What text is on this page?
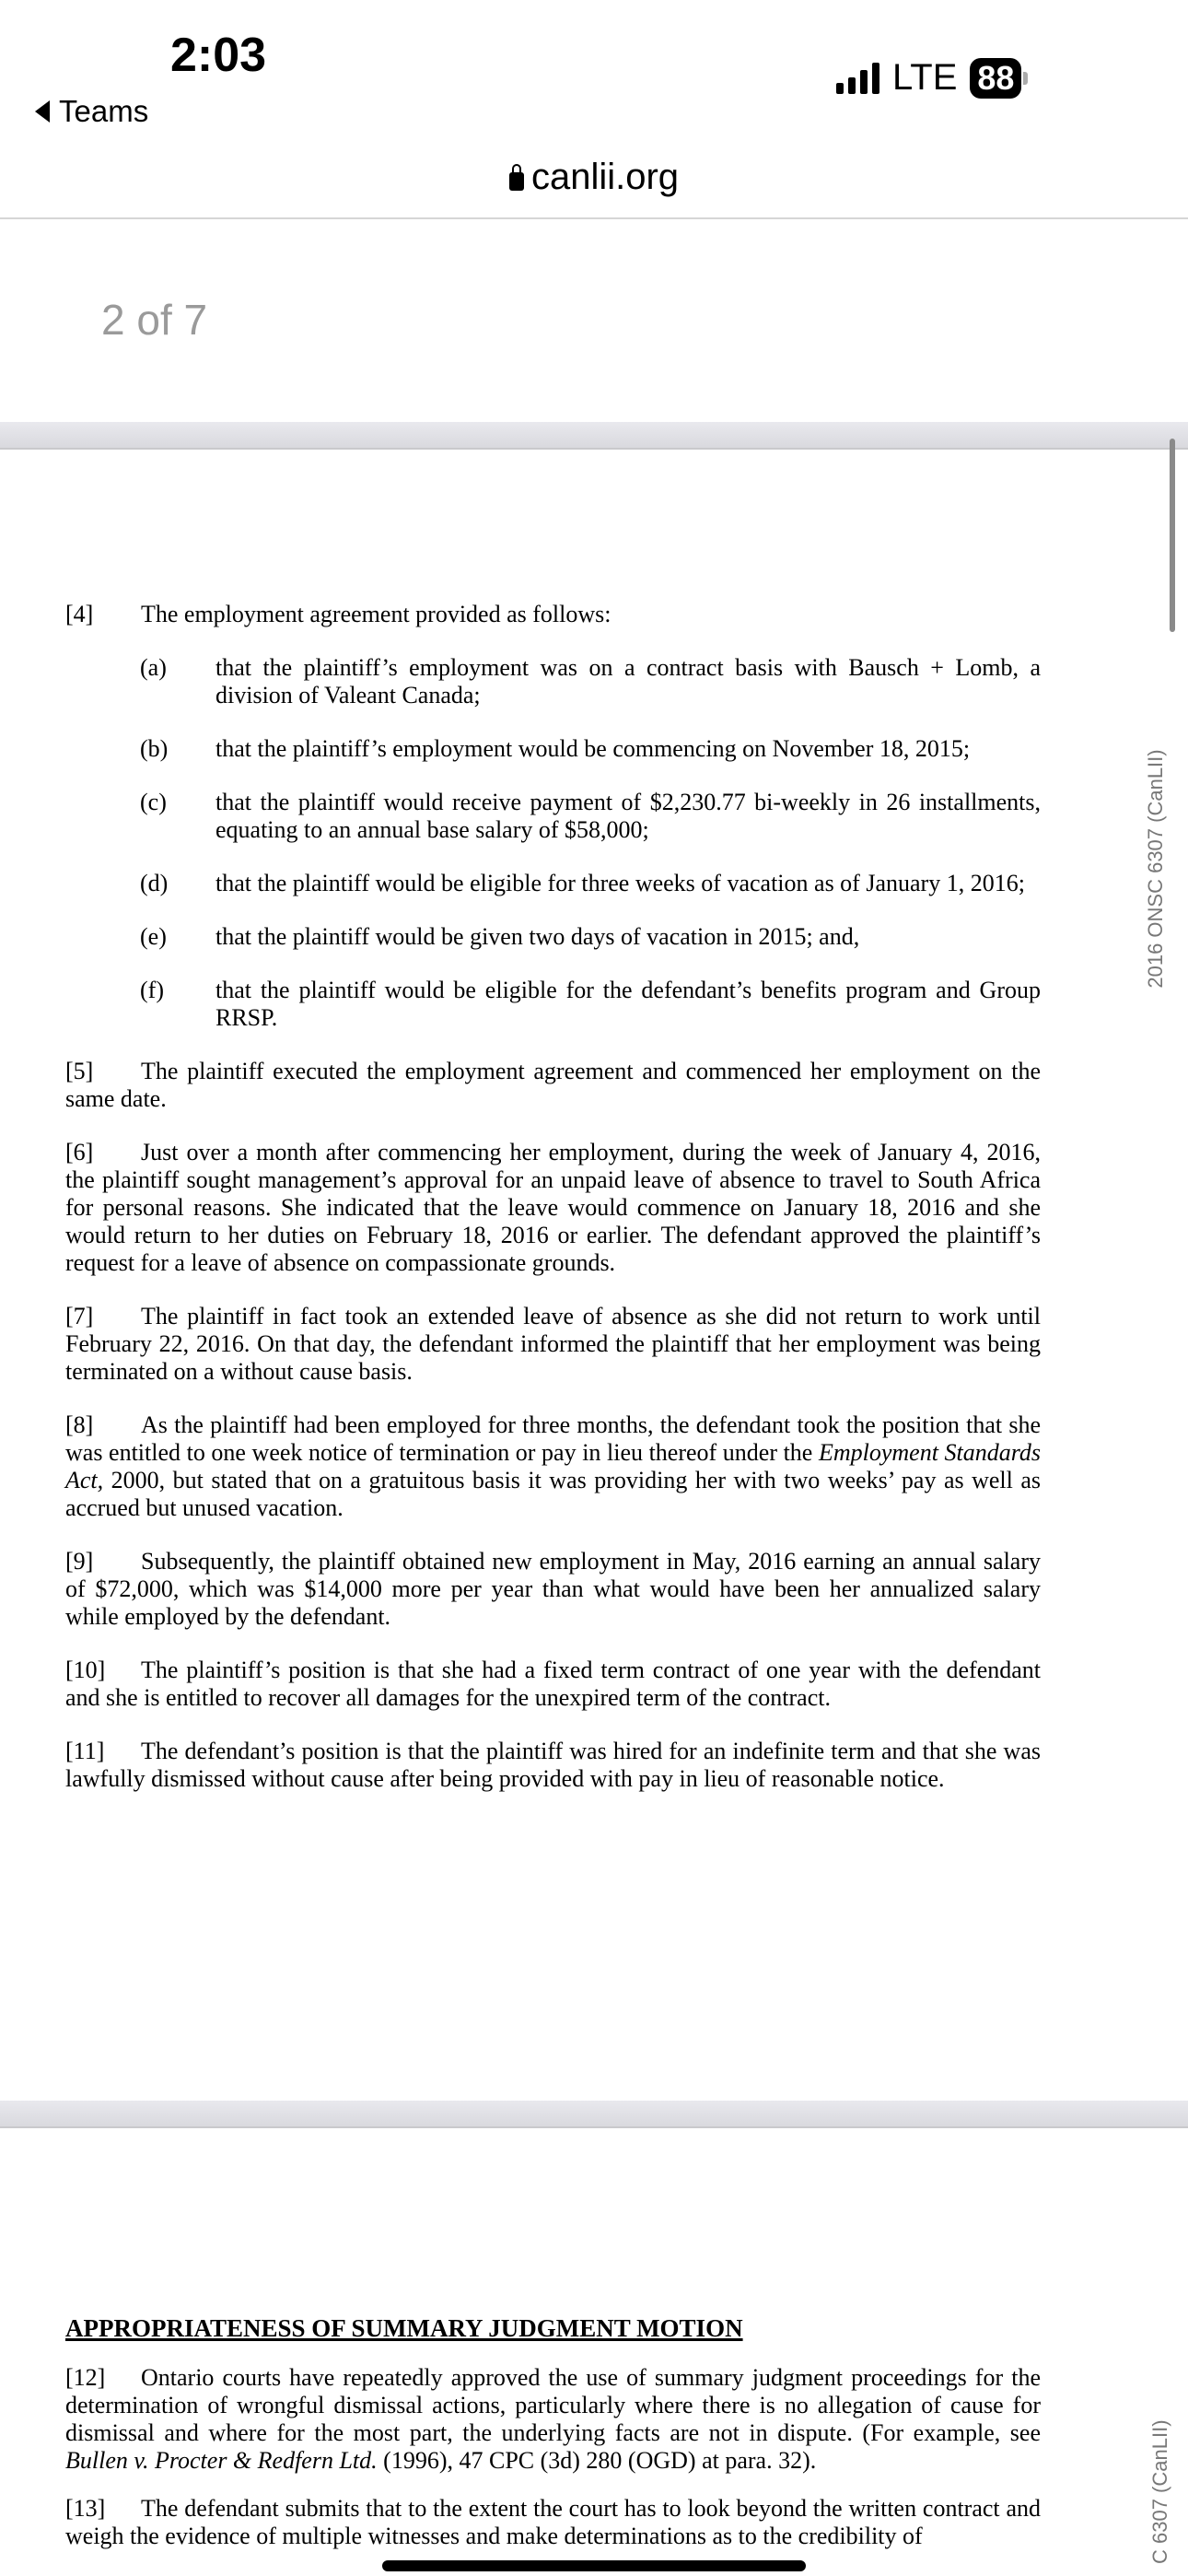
2:03
Teams
LTE 88
canlii.org
2 of 7
[4] The employment agreement provided as follows:
(a)	that the plaintiff’s employment was on a contract basis with Bausch + Lomb, a division of Valeant Canada;
(b)	that the plaintiff’s employment would be commencing on November 18, 2015;
(c)	that the plaintiff would receive payment of $2,230.77 bi-weekly in 26 installments, equating to an annual base salary of $58,000;
(d)	that the plaintiff would be eligible for three weeks of vacation as of January 1, 2016;
(e)	that the plaintiff would be given two days of vacation in 2015; and,
(f)	that the plaintiff would be eligible for the defendant’s benefits program and Group RRSP.
[5] The plaintiff executed the employment agreement and commenced her employment on the same date.
[6] Just over a month after commencing her employment, during the week of January 4, 2016, the plaintiff sought management’s approval for an unpaid leave of absence to travel to South Africa for personal reasons. She indicated that the leave would commence on January 18, 2016 and she would return to her duties on February 18, 2016 or earlier. The defendant approved the plaintiff’s request for a leave of absence on compassionate grounds.
[7] The plaintiff in fact took an extended leave of absence as she did not return to work until February 22, 2016. On that day, the defendant informed the plaintiff that her employment was being terminated on a without cause basis.
[8] As the plaintiff had been employed for three months, the defendant took the position that she was entitled to one week notice of termination or pay in lieu thereof under the Employment Standards Act, 2000, but stated that on a gratuitous basis it was providing her with two weeks’ pay as well as accrued but unused vacation.
[9] Subsequently, the plaintiff obtained new employment in May, 2016 earning an annual salary of $72,000, which was $14,000 more per year than what would have been her annualized salary while employed by the defendant.
[10] The plaintiff’s position is that she had a fixed term contract of one year with the defendant and she is entitled to recover all damages for the unexpired term of the contract.
[11] The defendant’s position is that the plaintiff was hired for an indefinite term and that she was lawfully dismissed without cause after being provided with pay in lieu of reasonable notice.
2016 ONSC 6307 (CanLII)
APPROPRIATENESS OF SUMMARY JUDGMENT MOTION
[12] Ontario courts have repeatedly approved the use of summary judgment proceedings for the determination of wrongful dismissal actions, particularly where there is no allegation of cause for dismissal and where for the most part, the underlying facts are not in dispute. (For example, see Bullen v. Procter & Redfern Ltd. (1996), 47 CPC (3d) 280 (OGD) at para. 32).
[13] The defendant submits that to the extent the court has to look beyond the written contract and weigh the evidence of multiple witnesses and make determinations as to the credibility of	C 6307 (CanLII)
